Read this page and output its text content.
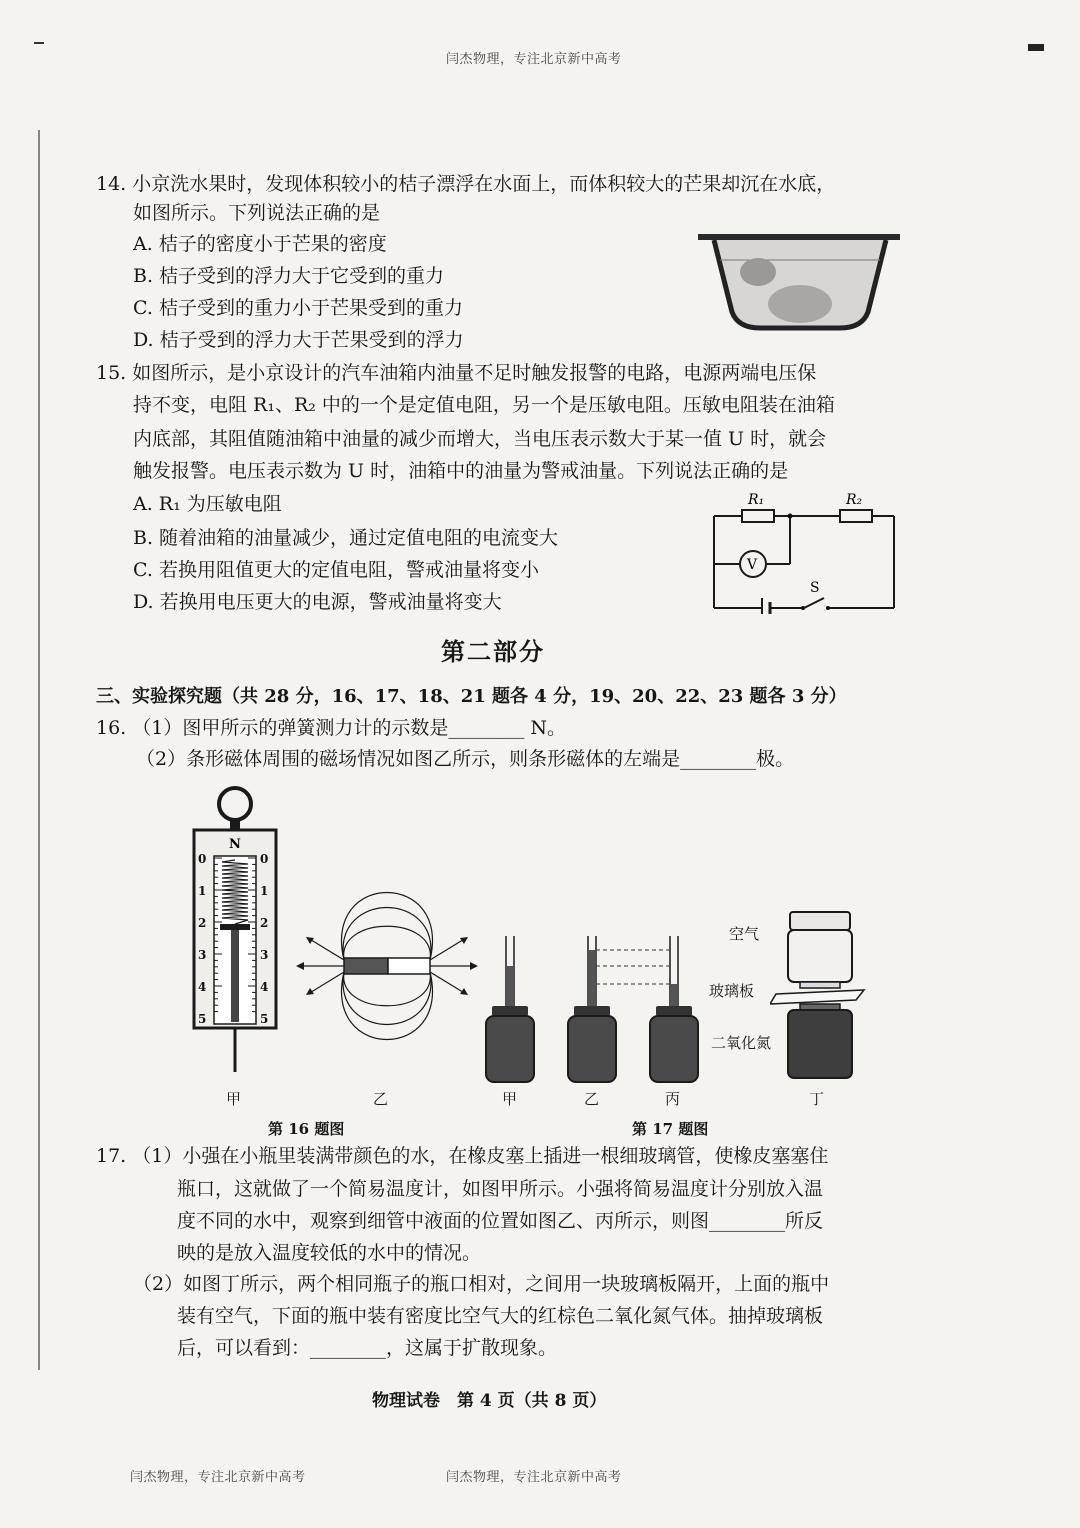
闫杰物理，专注北京新中高考
14. 小京洗水果时，发现体积较小的桔子漂浮在水面上，而体积较大的芒果却沉在水底，
如图所示。下列说法正确的是
A. 桔子的密度小于芒果的密度
B. 桔子受到的浮力大于它受到的重力
C. 桔子受到的重力小于芒果受到的重力
D. 桔子受到的浮力大于芒果受到的浮力
15. 如图所示，是小京设计的汽车油箱内油量不足时触发报警的电路，电源两端电压保
持不变，电阻 R₁、R₂ 中的一个是定值电阻，另一个是压敏电阻。压敏电阻装在油箱
内底部，其阻值随油箱中油量的减少而增大，当电压表示数大于某一值 U 时，就会
触发报警。电压表示数为 U 时，油箱中的油量为警戒油量。下列说法正确的是
A. R₁ 为压敏电阻
B. 随着油箱的油量减少，通过定值电阻的电流变大
C. 若换用阻值更大的定值电阻，警戒油量将变小
D. 若换用电压更大的电源，警戒油量将变大
R₁	R₂
V
S
第二部分
三、实验探究题（共 28 分，16、17、18、21 题各 4 分，19、20、22、23 题各 3 分）
16. （1）图甲所示的弹簧测力计的示数是________ N。
（2）条形磁体周围的磁场情况如图乙所示，则条形磁体的左端是________极。
N
0	0
1	1
2	2
3	3
4	4
5	5
甲	乙
第 16 题图
空气
玻璃板
二氧化氮
甲	乙	丙	丁
第 17 题图
17. （1）小强在小瓶里装满带颜色的水，在橡皮塞上插进一根细玻璃管，使橡皮塞塞住
瓶口，这就做了一个简易温度计，如图甲所示。小强将简易温度计分别放入温
度不同的水中，观察到细管中液面的位置如图乙、丙所示，则图________所反
映的是放入温度较低的水中的情况。
（2）如图丁所示，两个相同瓶子的瓶口相对，之间用一块玻璃板隔开，上面的瓶中
装有空气，下面的瓶中装有密度比空气大的红棕色二氧化氮气体。抽掉玻璃板
后，可以看到：________，这属于扩散现象。
物理试卷　第 4 页（共 8 页）
闫杰物理，专注北京新中高考	闫杰物理，专注北京新中高考
